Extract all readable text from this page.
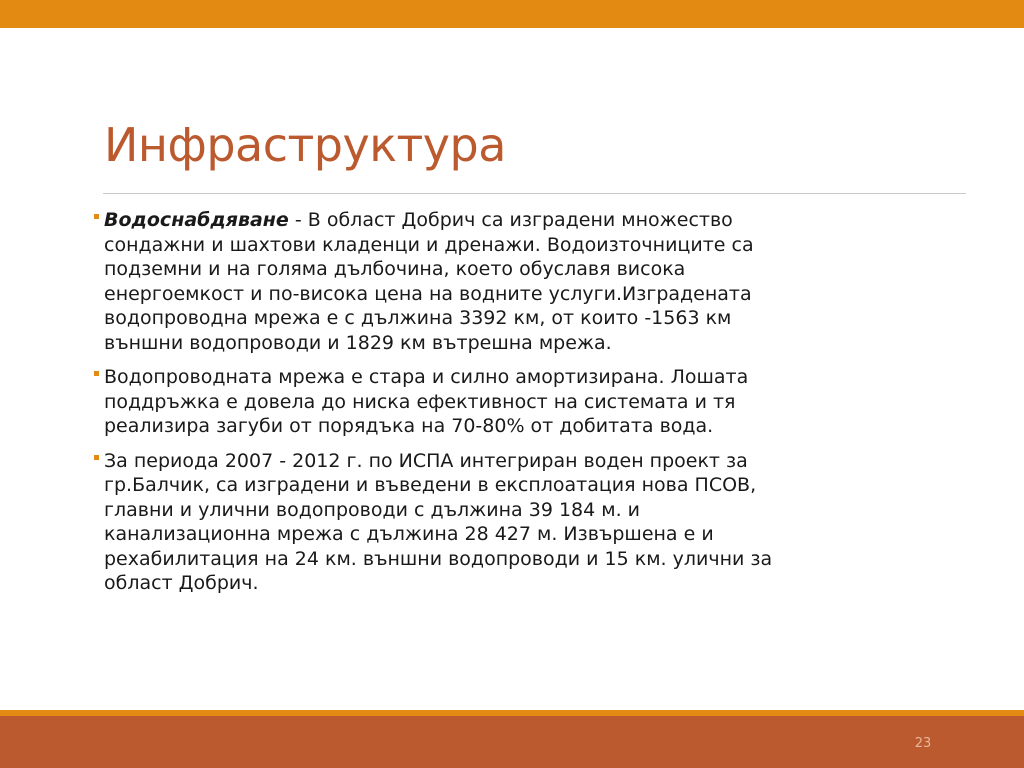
Инфраструктура
Водоснабдяване - В област Добрич са изградени множество
сондажни и шахтови кладенци и дренажи. Водоизточниците са
подземни и на голяма дълбочина, което обуславя висока
енергоемкост и по-висока цена на водните услуги.Изградената
водопроводна мрежа е с дължина 3392 км, от които -1563 км
външни водопроводи и 1829 км вътрешна мрежа.
Водопроводната мрежа е стара и силно амортизирана. Лошата
поддръжка е довела до ниска ефективност на системата и тя
реализира загуби от порядъка на 70-80% от добитата вода.
За периода 2007 - 2012 г. по ИСПА интегриран воден проект за
гр.Балчик, са изградени и въведени в експлоатация нова ПСОВ,
главни и улични водопроводи с дължина 39 184 м. и
канализационна мрежа с дължина 28 427 м. Извършена е и
рехабилитация на 24 км. външни водопроводи и 15 км. улични за
област Добрич.
23
